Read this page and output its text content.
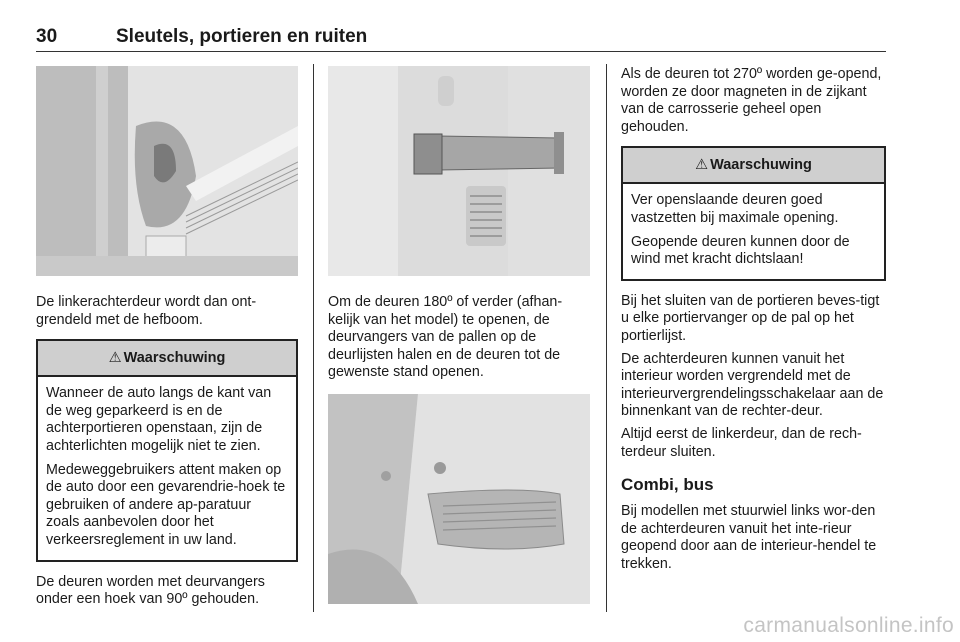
30	Sleutels, portieren en ruiten

De linkerachterdeur wordt dan ont-grendeld met de hefboom.

⚠ Waarschuwing

Wanneer de auto langs de kant van de weg geparkeerd is en de achterportieren openstaan, zijn de achterlichten mogelijk niet te zien.

Medeweggebruikers attent maken op de auto door een gevarendrie-hoek te gebruiken of andere ap-paratuur zoals aanbevolen door het verkeersreglement in uw land.

De deuren worden met deurvangers onder een hoek van 90º gehouden.

Om de deuren 180º of verder (afhan-kelijk van het model) te openen, de deurvangers van de pallen op de deurlijsten halen en de deuren tot de gewenste stand openen.

Als de deuren tot 270º worden ge-opend, worden ze door magneten in de zijkant van de carrosserie geheel open gehouden.

⚠ Waarschuwing

Ver openslaande deuren goed vastzetten bij maximale opening.

Geopende deuren kunnen door de wind met kracht dichtslaan!

Bij het sluiten van de portieren beves-tigt u elke portiervanger op de pal op het portierlijst.

De achterdeuren kunnen vanuit het interieur worden vergrendeld met de interieurvergrendelingsschakelaar aan de binnenkant van de rechter-deur.

Altijd eerst de linkerdeur, dan de rech-terdeur sluiten.

Combi, bus

Bij modellen met stuurwiel links wor-den de achterdeuren vanuit het inte-rieur geopend door aan de interieur-hendel te trekken.

carmanualsonline.info
